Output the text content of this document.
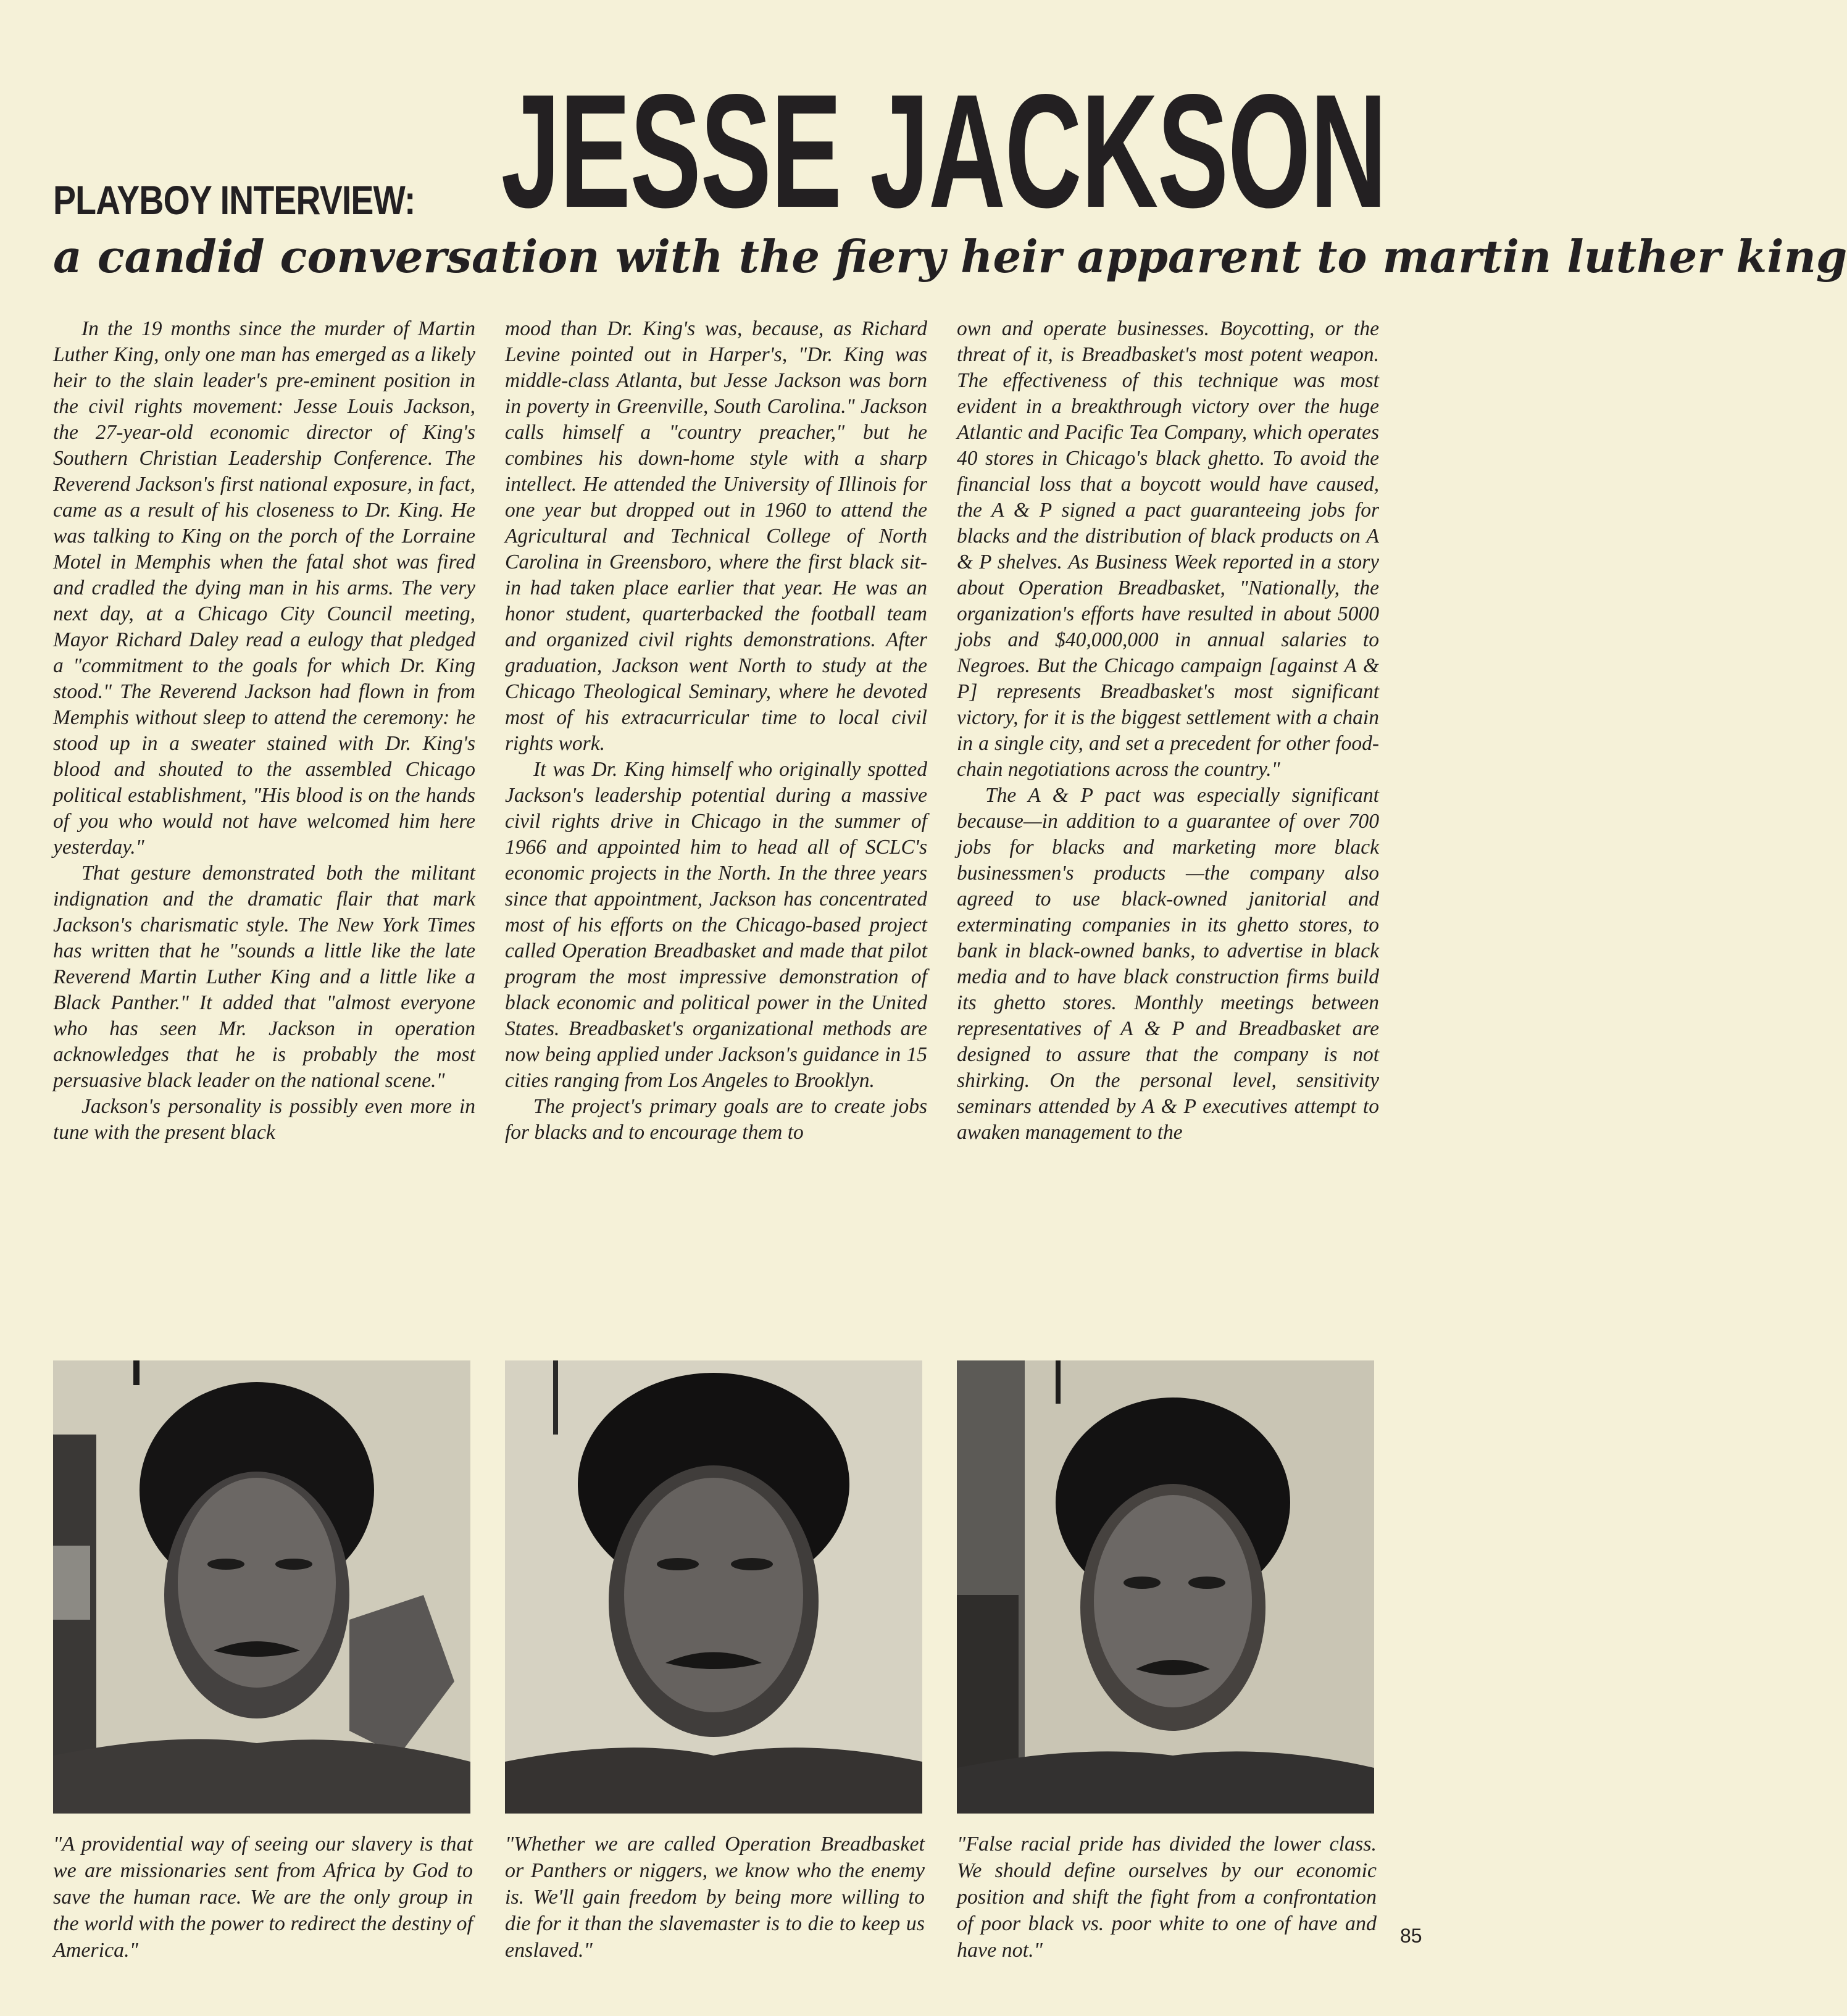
PLAYBOY INTERVIEW: JESSE JACKSON
a candid conversation with the fiery heir apparent to martin luther king

In the 19 months since the murder of Martin Luther King, only one man has emerged as a likely heir to the slain leader's pre-eminent position in the civil rights movement: Jesse Louis Jackson, the 27-year-old economic director of King's Southern Christian Leadership Conference. The Reverend Jackson's first national exposure, in fact, came as a result of his closeness to Dr. King. He was talking to King on the porch of the Lorraine Motel in Memphis when the fatal shot was fired and cradled the dying man in his arms. The very next day, at a Chicago City Council meeting, Mayor Richard Daley read a eulogy that pledged a "commitment to the goals for which Dr. King stood." The Reverend Jackson had flown in from Memphis without sleep to attend the ceremony: he stood up in a sweater stained with Dr. King's blood and shouted to the assembled Chicago political establishment, "His blood is on the hands of you who would not have welcomed him here yesterday."

That gesture demonstrated both the militant indignation and the dramatic flair that mark Jackson's charismatic style. The New York Times has written that he "sounds a little like the late Reverend Martin Luther King and a little like a Black Panther." It added that "almost everyone who has seen Mr. Jackson in operation acknowledges that he is probably the most persuasive black leader on the national scene."

Jackson's personality is possibly even more in tune with the present black

mood than Dr. King's was, because, as Richard Levine pointed out in Harper's, "Dr. King was middle-class Atlanta, but Jesse Jackson was born in poverty in Greenville, South Carolina." Jackson calls himself a "country preacher," but he combines his down-home style with a sharp intellect. He attended the University of Illinois for one year but dropped out in 1960 to attend the Agricultural and Technical College of North Carolina in Greensboro, where the first black sit-in had taken place earlier that year. He was an honor student, quarterbacked the football team and organized civil rights demonstrations. After graduation, Jackson went North to study at the Chicago Theological Seminary, where he devoted most of his extracurricular time to local civil rights work.

It was Dr. King himself who originally spotted Jackson's leadership potential during a massive civil rights drive in Chicago in the summer of 1966 and appointed him to head all of SCLC's economic projects in the North. In the three years since that appointment, Jackson has concentrated most of his efforts on the Chicago-based project called Operation Breadbasket and made that pilot program the most impressive demonstration of black economic and political power in the United States. Breadbasket's organizational methods are now being applied under Jackson's guidance in 15 cities ranging from Los Angeles to Brooklyn.

The project's primary goals are to create jobs for blacks and to encourage them to

own and operate businesses. Boycotting, or the threat of it, is Breadbasket's most potent weapon. The effectiveness of this technique was most evident in a breakthrough victory over the huge Atlantic and Pacific Tea Company, which operates 40 stores in Chicago's black ghetto. To avoid the financial loss that a boycott would have caused, the A & P signed a pact guaranteeing jobs for blacks and the distribution of black products on A & P shelves. As Business Week reported in a story about Operation Breadbasket, "Nationally, the organization's efforts have resulted in about 5000 jobs and $40,000,000 in annual salaries to Negroes. But the Chicago campaign [against A & P] represents Breadbasket's most significant victory, for it is the biggest settlement with a chain in a single city, and set a precedent for other food-chain negotiations across the country."

The A & P pact was especially significant because—in addition to a guarantee of over 700 jobs for blacks and marketing more black businessmen's products —the company also agreed to use black-owned janitorial and exterminating companies in its ghetto stores, to bank in black-owned banks, to advertise in black media and to have black construction firms build its ghetto stores. Monthly meetings between representatives of A & P and Breadbasket are designed to assure that the company is not shirking. On the personal level, sensitivity seminars attended by A & P executives attempt to awaken management to the

"A providential way of seeing our slavery is that we are missionaries sent from Africa by God to save the human race. We are the only group in the world with the power to redirect the destiny of America."
"Whether we are called Operation Breadbasket or Panthers or niggers, we know who the enemy is. We'll gain freedom by being more willing to die for it than the slavemaster is to die to keep us enslaved."
"False racial pride has divided the lower class. We should define ourselves by our economic position and shift the fight from a confrontation of poor black vs. poor white to one of have and have not."
85
